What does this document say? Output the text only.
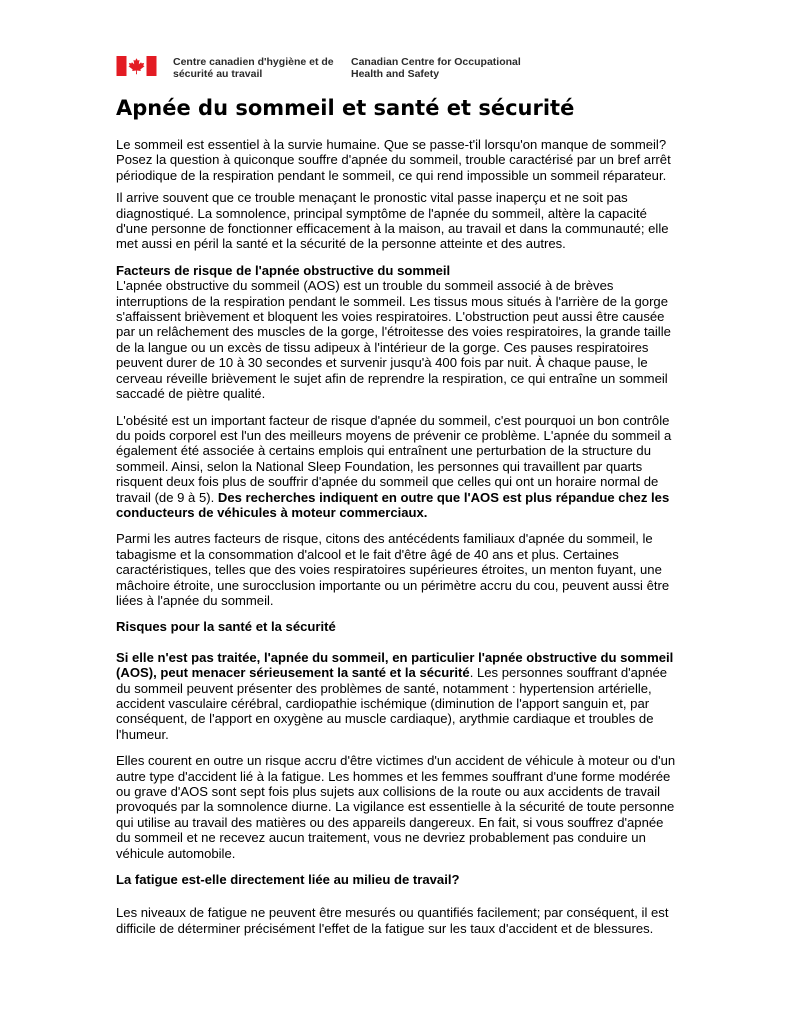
Centre canadien d'hygiène et de
sécurité au travail
Canadian Centre for Occupational
Health and Safety
Apnée du sommeil et santé et sécurité

Le sommeil est essentiel à la survie humaine. Que se passe-t'il lorsqu'on manque de sommeil?
Posez la question à quiconque souffre d'apnée du sommeil, trouble caractérisé par un bref arrêt
périodique de la respiration pendant le sommeil, ce qui rend impossible un sommeil réparateur.

Il arrive souvent que ce trouble menaçant le pronostic vital passe inaperçu et ne soit pas
diagnostiqué. La somnolence, principal symptôme de l'apnée du sommeil, altère la capacité
d'une personne de fonctionner efficacement à la maison, au travail et dans la communauté; elle
met aussi en péril la santé et la sécurité de la personne atteinte et des autres.

Facteurs de risque de l'apnée obstructive du sommeil
L'apnée obstructive du sommeil (AOS) est un trouble du sommeil associé à de brèves
interruptions de la respiration pendant le sommeil. Les tissus mous situés à l'arrière de la gorge
s'affaissent brièvement et bloquent les voies respiratoires. L'obstruction peut aussi être causée
par un relâchement des muscles de la gorge, l'étroitesse des voies respiratoires, la grande taille
de la langue ou un excès de tissu adipeux à l'intérieur de la gorge. Ces pauses respiratoires
peuvent durer de 10 à 30 secondes et survenir jusqu'à 400 fois par nuit. À chaque pause, le
cerveau réveille brièvement le sujet afin de reprendre la respiration, ce qui entraîne un sommeil
saccadé de piètre qualité.

L'obésité est un important facteur de risque d'apnée du sommeil, c'est pourquoi un bon contrôle
du poids corporel est l'un des meilleurs moyens de prévenir ce problème. L'apnée du sommeil a
également été associée à certains emplois qui entraînent une perturbation de la structure du
sommeil. Ainsi, selon la National Sleep Foundation, les personnes qui travaillent par quarts
risquent deux fois plus de souffrir d'apnée du sommeil que celles qui ont un horaire normal de
travail (de 9 à 5). Des recherches indiquent en outre que l'AOS est plus répandue chez les
conducteurs de véhicules à moteur commerciaux.

Parmi les autres facteurs de risque, citons des antécédents familiaux d'apnée du sommeil, le
tabagisme et la consommation d'alcool et le fait d'être âgé de 40 ans et plus. Certaines
caractéristiques, telles que des voies respiratoires supérieures étroites, un menton fuyant, une
mâchoire étroite, une surocclusion importante ou un périmètre accru du cou, peuvent aussi être
liées à l'apnée du sommeil.

Risques pour la santé et la sécurité

Si elle n'est pas traitée, l'apnée du sommeil, en particulier l'apnée obstructive du sommeil
(AOS), peut menacer sérieusement la santé et la sécurité. Les personnes souffrant d'apnée
du sommeil peuvent présenter des problèmes de santé, notamment : hypertension artérielle,
accident vasculaire cérébral, cardiopathie ischémique (diminution de l'apport sanguin et, par
conséquent, de l'apport en oxygène au muscle cardiaque), arythmie cardiaque et troubles de
l'humeur.

Elles courent en outre un risque accru d'être victimes d'un accident de véhicule à moteur ou d'un
autre type d'accident lié à la fatigue. Les hommes et les femmes souffrant d'une forme modérée
ou grave d'AOS sont sept fois plus sujets aux collisions de la route ou aux accidents de travail
provoqués par la somnolence diurne. La vigilance est essentielle à la sécurité de toute personne
qui utilise au travail des matières ou des appareils dangereux. En fait, si vous souffrez d'apnée
du sommeil et ne recevez aucun traitement, vous ne devriez probablement pas conduire un
véhicule automobile.

La fatigue est-elle directement liée au milieu de travail?

Les niveaux de fatigue ne peuvent être mesurés ou quantifiés facilement; par conséquent, il est
difficile de déterminer précisément l'effet de la fatigue sur les taux d'accident et de blessures.
